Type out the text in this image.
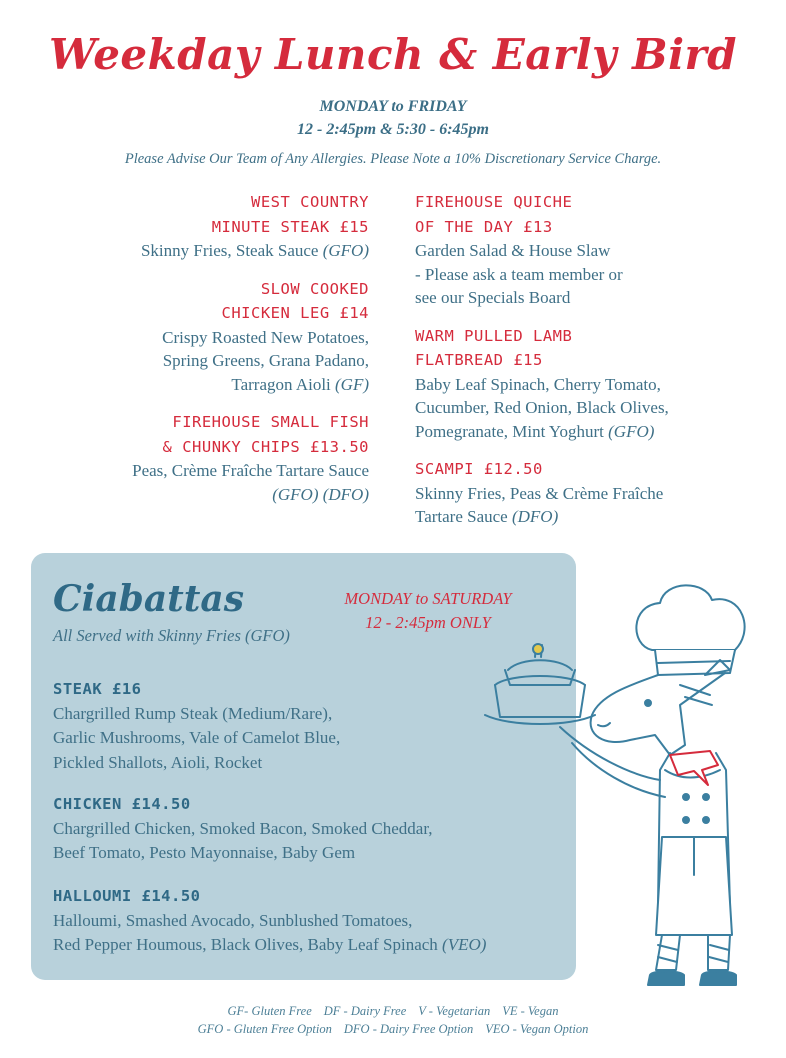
Weekday Lunch & Early Bird
MONDAY to FRIDAY
12 - 2:45pm & 5:30 - 6:45pm
Please Advise Our Team of Any Allergies. Please Note a 10% Discretionary Service Charge.
WEST COUNTRY
MINUTE STEAK £15
Skinny Fries, Steak Sauce (GFO)
SLOW COOKED
CHICKEN LEG £14
Crispy Roasted New Potatoes,
Spring Greens, Grana Padano,
Tarragon Aioli (GF)
FIREHOUSE SMALL FISH
& CHUNKY CHIPS £13.50
Peas, Crème Fraîche Tartare Sauce
(GFO) (DFO)
FIREHOUSE QUICHE
OF THE DAY £13
Garden Salad & House Slaw
- Please ask a team member or
see our Specials Board
WARM PULLED LAMB
FLATBREAD £15
Baby Leaf Spinach, Cherry Tomato,
Cucumber, Red Onion, Black Olives,
Pomegranate, Mint Yoghurt (GFO)
SCAMPI £12.50
Skinny Fries, Peas & Crème Fraîche
Tartare Sauce (DFO)
Ciabattas
All Served with Skinny Fries (GFO)
MONDAY to SATURDAY
12 - 2:45pm ONLY
STEAK £16
Chargrilled Rump Steak (Medium/Rare),
Garlic Mushrooms, Vale of Camelot Blue,
Pickled Shallots, Aioli, Rocket
CHICKEN £14.50
Chargrilled Chicken, Smoked Bacon, Smoked Cheddar,
Beef Tomato, Pesto Mayonnaise, Baby Gem
HALLOUMI £14.50
Halloumi, Smashed Avocado, Sunblushed Tomatoes,
Red Pepper Houmous, Black Olives, Baby Leaf Spinach (VEO)
GF- Gluten Free DF - Dairy Free V - Vegetarian VE - Vegan
GFO - Gluten Free Option DFO - Dairy Free Option VEO - Vegan Option
